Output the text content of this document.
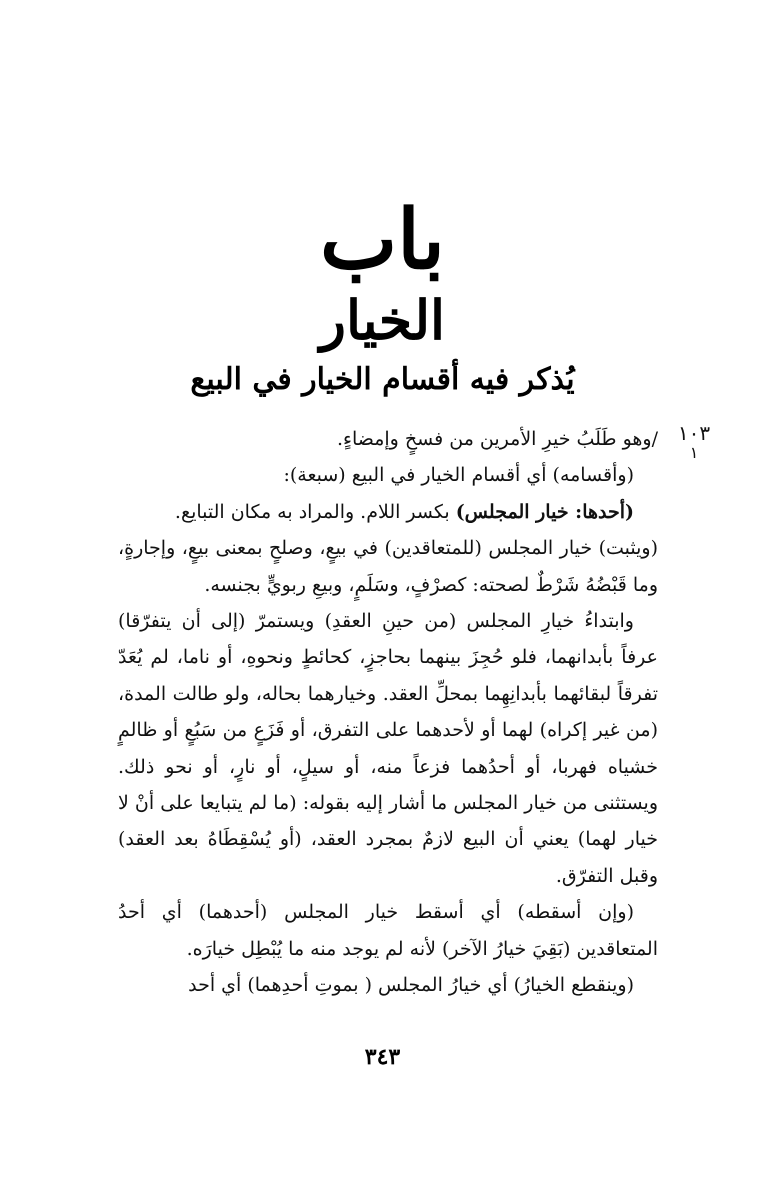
باب
الخيار
يُذكر فيه أقسام الخيار في البيع
١٠٣
١

/وهو طَلَبُ خيرِ الأمرين من فسخٍ وإمضاءٍ.

(وأقسامه) أي أقسام الخيار في البيع (سبعة):

(أحدها: خيار المجلس) بكسر اللام. والمراد به مكان التبايع.

(ويثبت) خيار المجلس (للمتعاقدين) في بيعٍ، وصلحٍ بمعنى بيعٍ، وإجارةٍ، وما قَبْضُهُ شَرْطٌ لصحته: كصرْفٍ، وسَلَمٍ، وبيعِ ربويٍّ بجنسه.

وابتداءُ خيارِ المجلس (من حينِ العقدِ) ويستمرّ (إلى أن يتفرّقا) عرفاً بأبدانهما، فلو حُجِزَ بينهما بحاجزٍ، كحائطٍ ونحوهِ، أو ناما، لم يُعَدّ تفرقاً لبقائهما بأبدانِهِما بمحلِّ العقد. وخيارهما بحاله، ولو طالت المدة، (من غير إكراه) لهما أو لأحدهما على التفرق، أو فَزَعٍ من سَبُعٍ أو ظالمٍ خشياه فهربا، أو أحدُهما فزعاً منه، أو سيلٍ، أو نارٍ، أو نحو ذلك. ويستثنى من خيار المجلس ما أشار إليه بقوله: (ما لم يتبايعا على أنْ لا خيار لهما) يعني أن البيع لازمٌ بمجرد العقد، (أو يُسْقِطَاهُ بعد العقد) وقبل التفرّق.

(وإن أسقطه) أي أسقط خيار المجلس (أحدهما) أي أحدُ المتعاقدين (بَقِيَ خيارُ الآخر) لأنه لم يوجد منه ما يُبْطِل خيارَه.

(وينقطع الخيارُ) أي خيارُ المجلس ( بموتِ أحدِهما) أي أحد

٣٤٣
